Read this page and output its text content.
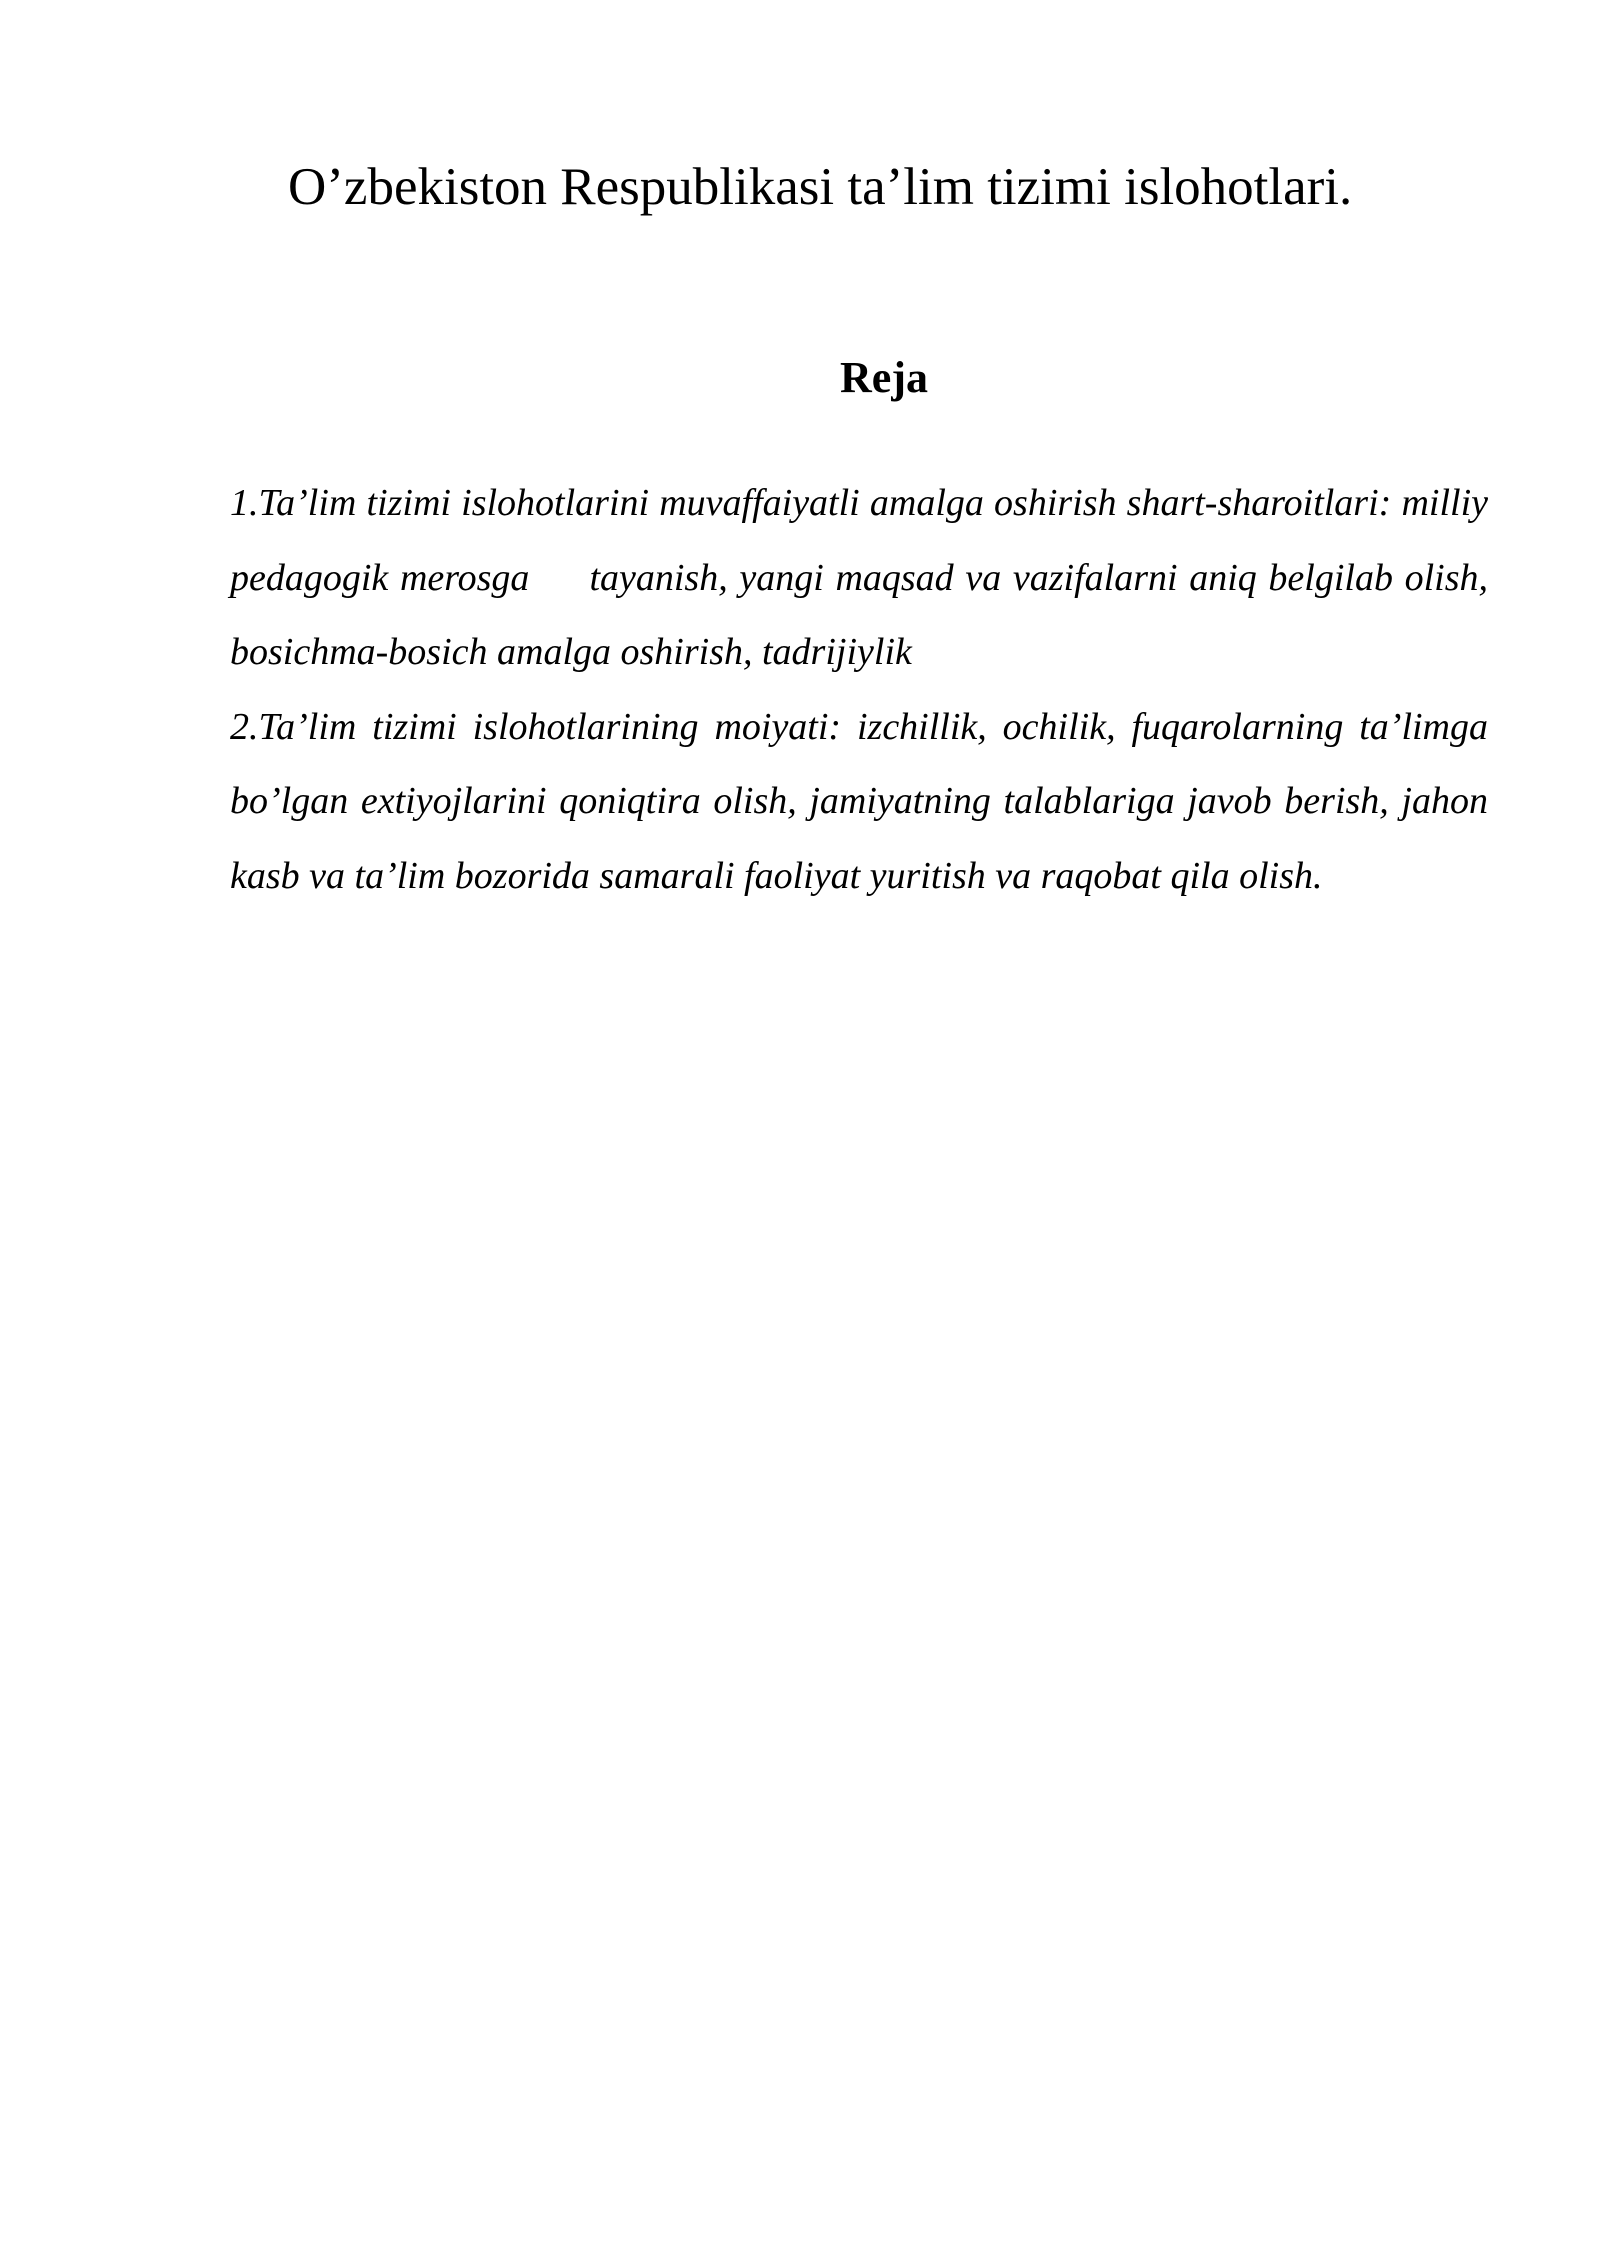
O’zbekiston Respublikasi ta’lim tizimi islohotlari.
Reja

1.Ta’lim tizimi islohotlarini muvaffaiyatli amalga oshirish shart-sharoitlari: milliy pedagogik merosga tayanish, yangi maqsad va vazifalarni aniq belgilab olish, bosichma-bosich amalga oshirish, tadrijiylik

2.Ta’lim tizimi islohotlarining moiyati: izchillik, ochilik, fuqarolarning ta’limga bo’lgan extiyojlarini qoniqtira olish, jamiyatning talablariga javob berish, jahon kasb va ta’lim bozorida samarali faoliyat yuritish va raqobat qila olish.
